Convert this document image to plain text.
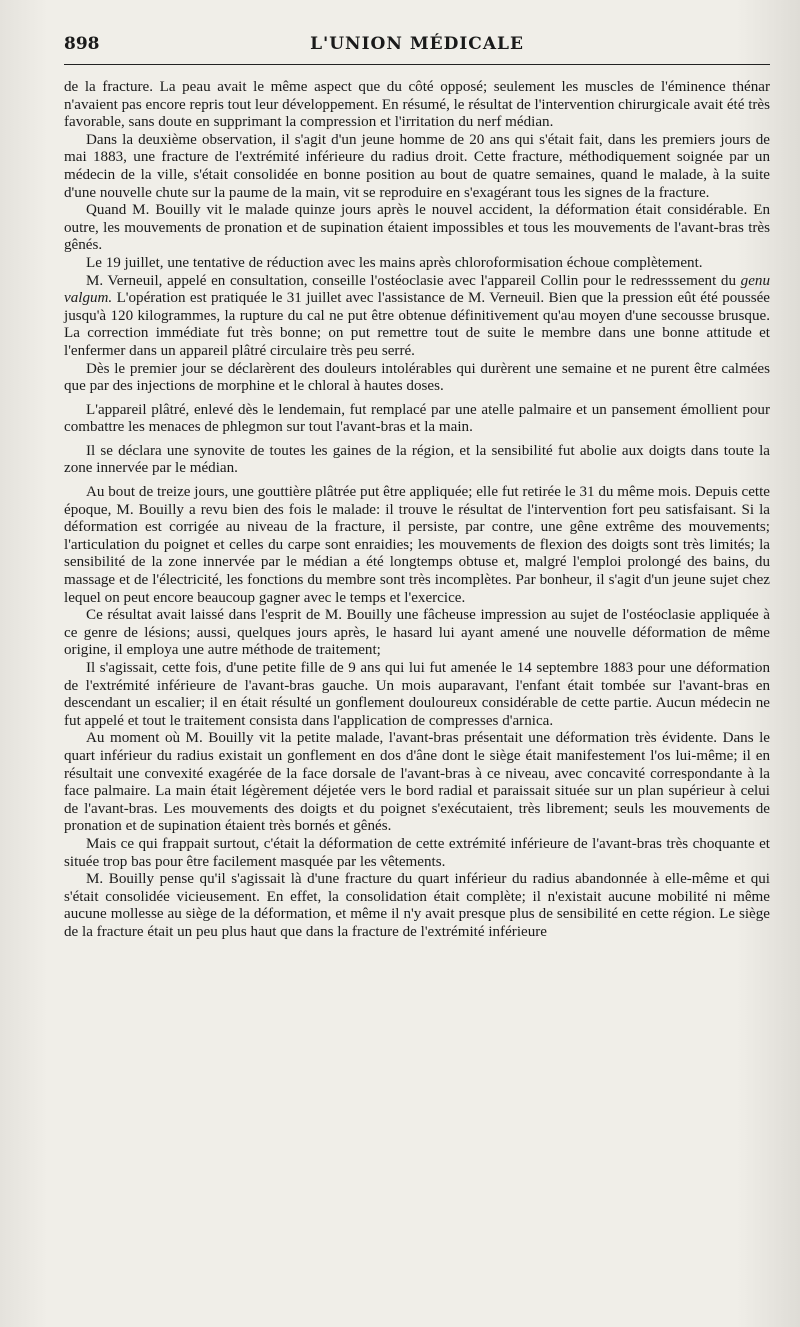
898	L'UNION MÉDICALE

de la fracture. La peau avait le même aspect que du côté opposé; seulement les muscles de l'éminence thénar n'avaient pas encore repris tout leur développement. En résumé, le résultat de l'intervention chirurgicale avait été très favorable, sans doute en supprimant la compression et l'irritation du nerf médian.

Dans la deuxième observation, il s'agit d'un jeune homme de 20 ans qui s'était fait, dans les premiers jours de mai 1883, une fracture de l'extrémité inférieure du radius droit. Cette fracture, méthodiquement soignée par un médecin de la ville, s'était consolidée en bonne position au bout de quatre semaines, quand le malade, à la suite d'une nouvelle chute sur la paume de la main, vit se reproduire en s'exagérant tous les signes de la fracture.

Quand M. Bouilly vit le malade quinze jours après le nouvel accident, la déformation était considérable. En outre, les mouvements de pronation et de supination étaient impossibles et tous les mouvements de l'avant-bras très gênés.

Le 19 juillet, une tentative de réduction avec les mains après chloroformisation échoue complètement.

M. Verneuil, appelé en consultation, conseille l'ostéoclasie avec l'appareil Collin pour le redresssement du genu valgum. L'opération est pratiquée le 31 juillet avec l'assistance de M. Verneuil. Bien que la pression eût été poussée jusqu'à 120 kilogrammes, la rupture du cal ne put être obtenue définitivement qu'au moyen d'une secousse brusque. La correction immédiate fut très bonne; on put remettre tout de suite le membre dans une bonne attitude et l'enfermer dans un appareil plâtré circulaire très peu serré.

Dès le premier jour se déclarèrent des douleurs intolérables qui durèrent une semaine et ne purent être calmées que par des injections de morphine et le chloral à hautes doses.

L'appareil plâtré, enlevé dès le lendemain, fut remplacé par une atelle palmaire et un pansement émollient pour combattre les menaces de phlegmon sur tout l'avant-bras et la main.

Il se déclara une synovite de toutes les gaines de la région, et la sensibilité fut abolie aux doigts dans toute la zone innervée par le médian.

Au bout de treize jours, une gouttière plâtrée put être appliquée; elle fut retirée le 31 du même mois. Depuis cette époque, M. Bouilly a revu bien des fois le malade: il trouve le résultat de l'intervention fort peu satisfaisant. Si la déformation est corrigée au niveau de la fracture, il persiste, par contre, une gêne extrême des mouvements; l'articulation du poignet et celles du carpe sont enraidies; les mouvements de flexion des doigts sont très limités; la sensibilité de la zone innervée par le médian a été longtemps obtuse et, malgré l'emploi prolongé des bains, du massage et de l'électricité, les fonctions du membre sont très incomplètes. Par bonheur, il s'agit d'un jeune sujet chez lequel on peut encore beaucoup gagner avec le temps et l'exercice.

Ce résultat avait laissé dans l'esprit de M. Bouilly une fâcheuse impression au sujet de l'ostéoclasie appliquée à ce genre de lésions; aussi, quelques jours après, le hasard lui ayant amené une nouvelle déformation de même origine, il employa une autre méthode de traitement;

Il s'agissait, cette fois, d'une petite fille de 9 ans qui lui fut amenée le 14 septembre 1883 pour une déformation de l'extrémité inférieure de l'avant-bras gauche. Un mois auparavant, l'enfant était tombée sur l'avant-bras en descendant un escalier; il en était résulté un gonflement douloureux considérable de cette partie. Aucun médecin ne fut appelé et tout le traitement consista dans l'application de compresses d'arnica.

Au moment où M. Bouilly vit la petite malade, l'avant-bras présentait une déformation très évidente. Dans le quart inférieur du radius existait un gonflement en dos d'âne dont le siège était manifestement l'os lui-même; il en résultait une convexité exagérée de la face dorsale de l'avant-bras à ce niveau, avec concavité correspondante à la face palmaire. La main était légèrement déjetée vers le bord radial et paraissait située sur un plan supérieur à celui de l'avant-bras. Les mouvements des doigts et du poignet s'exécutaient, très librement; seuls les mouvements de pronation et de supination étaient très bornés et gênés.

Mais ce qui frappait surtout, c'était la déformation de cette extrémité inférieure de l'avant-bras très choquante et située trop bas pour être facilement masquée par les vêtements.

M. Bouilly pense qu'il s'agissait là d'une fracture du quart inférieur du radius abandonnée à elle-même et qui s'était consolidée vicieusement. En effet, la consolidation était complète; il n'existait aucune mobilité ni même aucune mollesse au siège de la déformation, et même il n'y avait presque plus de sensibilité en cette région. Le siège de la fracture était un peu plus haut que dans la fracture de l'extrémité inférieure
